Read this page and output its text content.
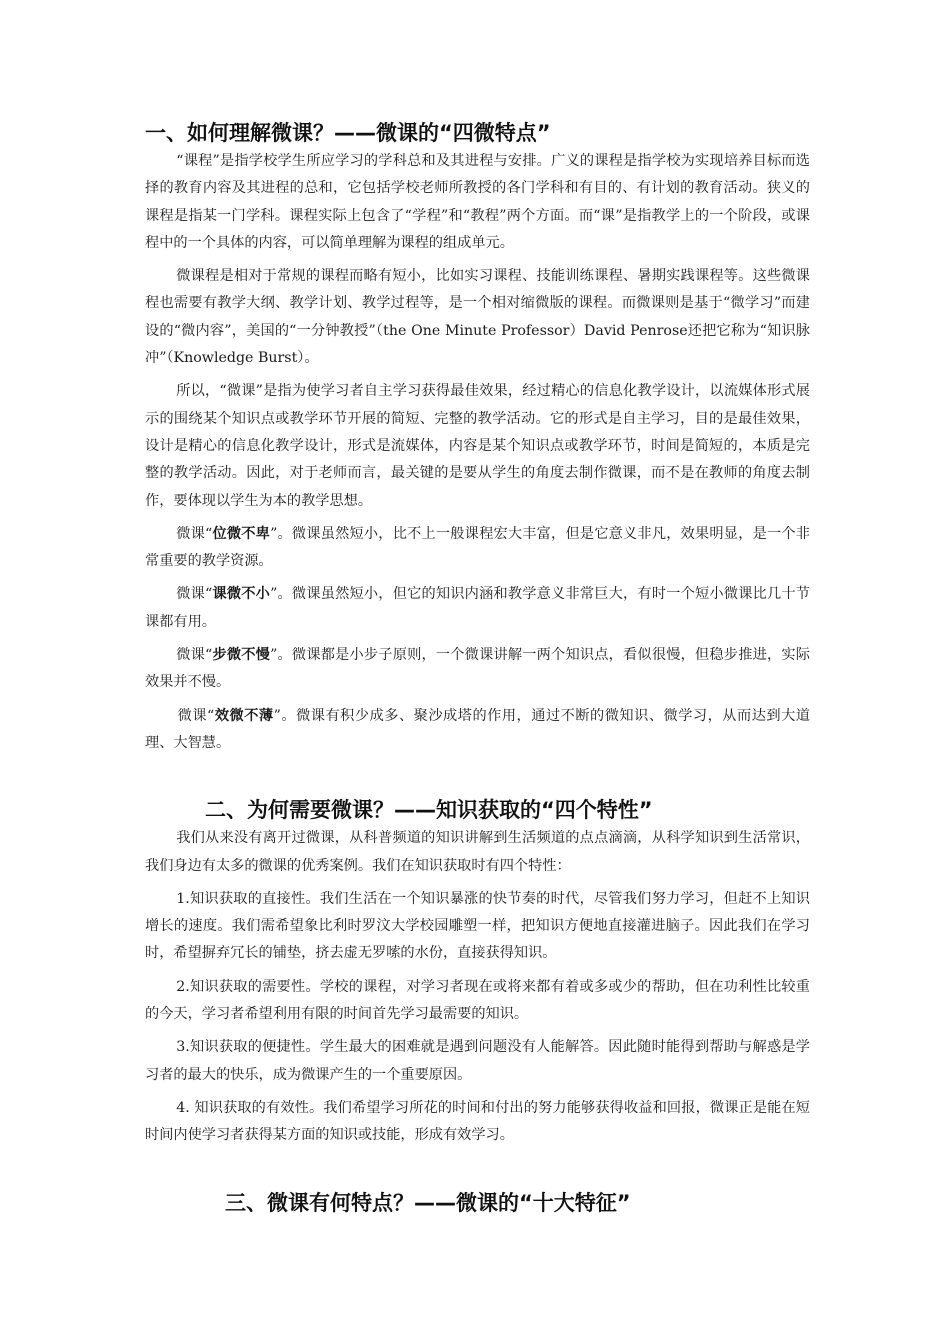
一、如何理解微课？——微课的“四微特点”

“课程”是指学校学生所应学习的学科总和及其进程与安排。广义的课程是指学校为实现培养目标而选择的教育内容及其进程的总和，它包括学校老师所教授的各门学科和有目的、有计划的教育活动。狭义的课程是指某一门学科。课程实际上包含了“学程”和“教程”两个方面。而“课”是指教学上的一个阶段，或课程中的一个具体的内容，可以简单理解为课程的组成单元。

微课程是相对于常规的课程而略有短小，比如实习课程、技能训练课程、暑期实践课程等。这些微课程也需要有教学大纲、教学计划、教学过程等，是一个相对缩微版的课程。而微课则是基于“微学习”而建设的“微内容”，美国的“一分钟教授”（the One Minute Professor）David Penrose还把它称为“知识脉冲”（Knowledge Burst）。

所以，“微课”是指为使学习者自主学习获得最佳效果，经过精心的信息化教学设计，以流媒体形式展示的围绕某个知识点或教学环节开展的简短、完整的教学活动。它的形式是自主学习，目的是最佳效果，设计是精心的信息化教学设计，形式是流媒体，内容是某个知识点或教学环节，时间是简短的，本质是完整的教学活动。因此，对于老师而言，最关键的是要从学生的角度去制作微课，而不是在教师的角度去制作，要体现以学生为本的教学思想。

微课“位微不卑”。微课虽然短小，比不上一般课程宏大丰富，但是它意义非凡，效果明显，是一个非常重要的教学资源。

微课“课微不小”。微课虽然短小，但它的知识内涵和教学意义非常巨大，有时一个短小微课比几十节课都有用。

微课“步微不慢”。微课都是小步子原则，一个微课讲解一两个知识点，看似很慢，但稳步推进，实际效果并不慢。

微课“效微不薄”。微课有积少成多、聚沙成塔的作用，通过不断的微知识、微学习，从而达到大道理、大智慧。

二、为何需要微课？——知识获取的“四个特性”

我们从来没有离开过微课，从科普频道的知识讲解到生活频道的点点滴滴，从科学知识到生活常识，我们身边有太多的微课的优秀案例。我们在知识获取时有四个特性：

1.知识获取的直接性。我们生活在一个知识暴涨的快节奏的时代，尽管我们努力学习，但赶不上知识增长的速度。我们需希望象比利时罗汶大学校园雕塑一样，把知识方便地直接灌进脑子。因此我们在学习时，希望摒弃冗长的铺垫，挤去虚无罗嗦的水份，直接获得知识。

2.知识获取的需要性。学校的课程，对学习者现在或将来都有着或多或少的帮助，但在功利性比较重的今天，学习者希望利用有限的时间首先学习最需要的知识。

3.知识获取的便捷性。学生最大的困难就是遇到问题没有人能解答。因此随时能得到帮助与解惑是学习者的最大的快乐，成为微课产生的一个重要原因。

4. 知识获取的有效性。我们希望学习所花的时间和付出的努力能够获得收益和回报，微课正是能在短时间内使学习者获得某方面的知识或技能，形成有效学习。

三、微课有何特点？——微课的“十大特征”
